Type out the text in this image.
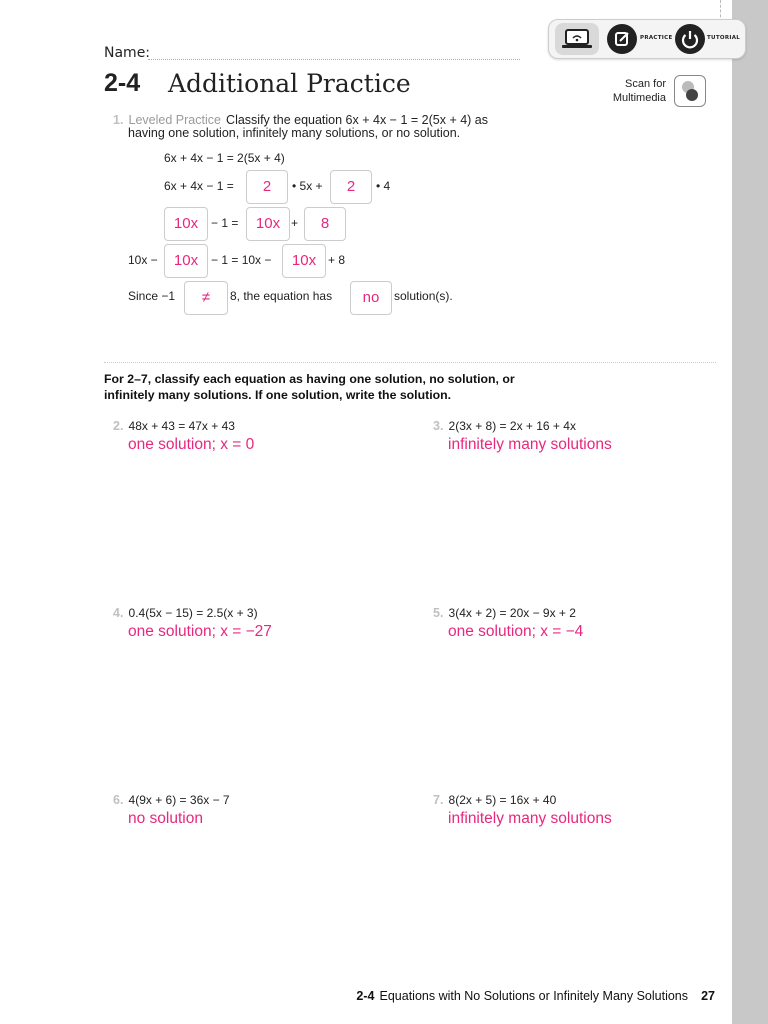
PRACTICE	TUTORIAL
Name:
2-4 Additional Practice	Scan for
Multimedia
1. Leveled Practice Classify the equation 6x + 4x − 1 = 2(5x + 4) as
having one solution, infinitely many solutions, or no solution.
6x + 4x − 1 = 2(5x + 4)
6x + 4x − 1 =	2	• 5x +	2	• 4
10x	− 1 =	10x +	8
10x −	10x	− 1 = 10x −	10x + 8
Since −1	≠	8, the equation has	no	solution(s).
For 2–7, classify each equation as having one solution, no solution, or
infinitely many solutions. If one solution, write the solution.
2. 48x + 43 = 47x + 43
one solution; x = 0
3. 2(3x + 8) = 2x + 16 + 4x
infinitely many solutions
4. 0.4(5x − 15) = 2.5(x + 3)
one solution; x = −27
5. 3(4x + 2) = 20x − 9x + 2
one solution; x = −4
6. 4(9x + 6) = 36x − 7
no solution
7. 8(2x + 5) = 16x + 40
infinitely many solutions
2-4 Equations with No Solutions or Infinitely Many Solutions 27
